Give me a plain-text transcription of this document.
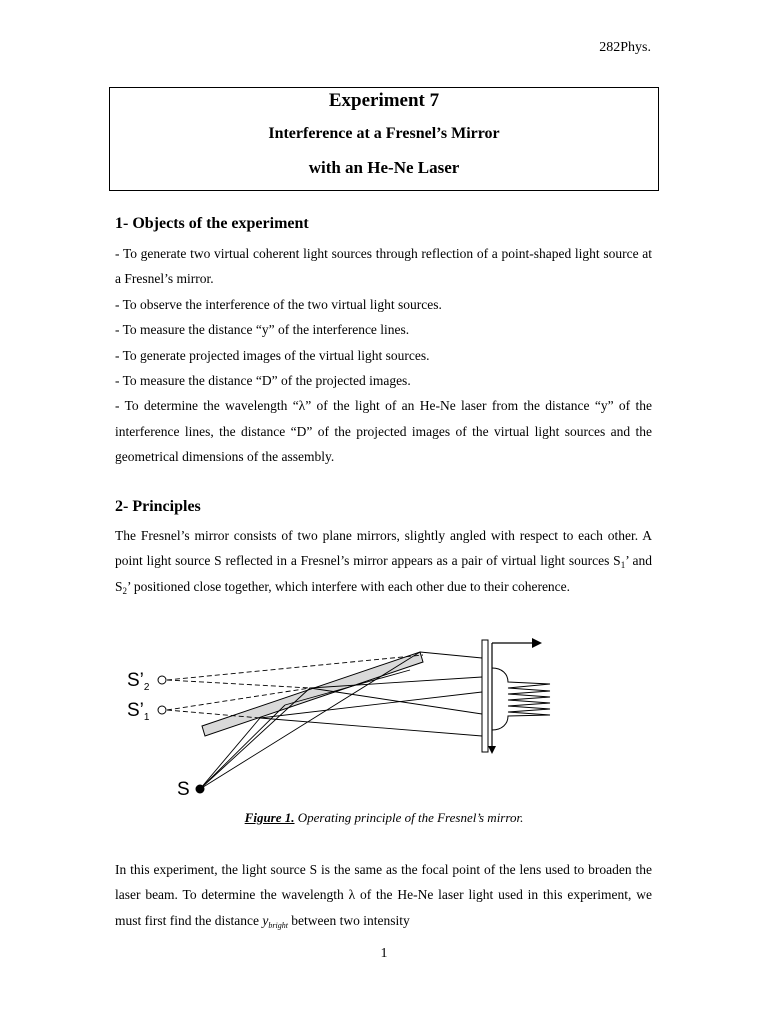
282Phys.
Experiment 7
Interference at a Fresnel’s Mirror
with an He-Ne Laser
1- Objects of the experiment

- To generate two virtual coherent light sources through reflection of a point-shaped light source at a Fresnel’s mirror.

- To observe the interference of the two virtual light sources.

- To measure the distance “y” of the interference lines.

- To generate projected images of the virtual light sources.

- To measure the distance “D” of the projected images.

- To determine the wavelength “λ” of the light of an He-Ne laser from the distance “y” of the interference lines, the distance “D” of the projected images of the virtual light sources and the geometrical dimensions of the assembly.

2- Principles

The Fresnel’s mirror consists of two plane mirrors, slightly angled with respect to each other. A point light source S reflected in a Fresnel’s mirror appears as a pair of virtual light sources $S_1$’ and $S_2$’ positioned close together, which interfere with each other due to their coherence.

$S’_2$
$S’_1$
S
Figure 1. Operating principle of the Fresnel’s mirror.

In this experiment, the light source S is the same as the focal point of the lens used to broaden the laser beam. To determine the wavelength λ of the He-Ne laser light used in this experiment, we must first find the distance $y_{bright}$ between two intensity

1
